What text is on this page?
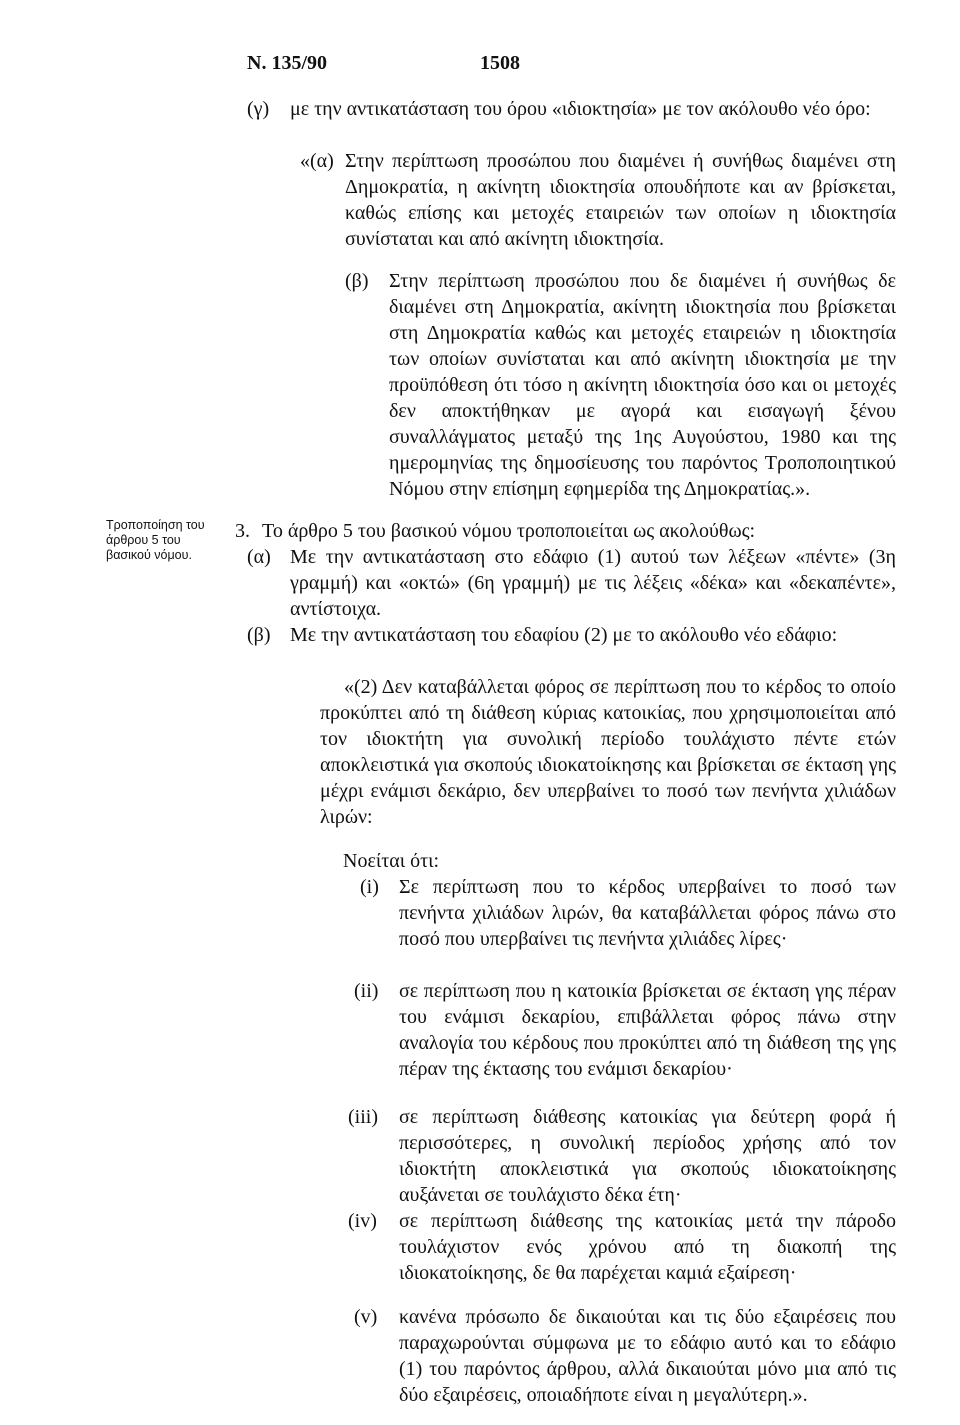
Ν. 135/90	1508
Τροποποίηση του άρθρου 5 του βασικού νόμου.
(γ) με την αντικατάσταση του όρου «ιδιοκτησία» με τον ακόλουθο νέο όρο:
«(α) Στην περίπτωση προσώπου που διαμένει ή συνήθως διαμένει στη Δημοκρατία, η ακίνητη ιδιοκτησία οπουδήποτε και αν βρίσκεται, καθώς επίσης και μετοχές εταιρειών των οποίων η ιδιοκτησία συνίσταται και από ακίνητη ιδιοκτησία.
(β) Στην περίπτωση προσώπου που δε διαμένει ή συνήθως δε διαμένει στη Δημοκρατία, ακίνητη ιδιοκτησία που βρίσκεται στη Δημοκρατία καθώς και μετοχές εταιρειών η ιδιοκτησία των οποίων συνίσταται και από ακίνητη ιδιοκτησία με την προϋπόθεση ότι τόσο η ακίνητη ιδιοκτησία όσο και οι μετοχές δεν αποκτήθηκαν με αγορά και εισαγωγή ξένου συναλλάγματος μεταξύ της 1ης Αυγούστου, 1980 και της ημερομηνίας της δημοσίευσης του παρόντος Τροποποιητικού Νόμου στην επίσημη εφημερίδα της Δημοκρατίας.».
3. Το άρθρο 5 του βασικού νόμου τροποποιείται ως ακολούθως:
(α) Με την αντικατάσταση στο εδάφιο (1) αυτού των λέξεων «πέντε» (3η γραμμή) και «οκτώ» (6η γραμμή) με τις λέξεις «δέκα» και «δεκαπέντε», αντίστοιχα.
(β) Με την αντικατάσταση του εδαφίου (2) με το ακόλουθο νέο εδάφιο:
«(2) Δεν καταβάλλεται φόρος σε περίπτωση που το κέρδος το οποίο προκύπτει από τη διάθεση κύριας κατοικίας, που χρησιμοποιείται από τον ιδιοκτήτη για συνολική περίοδο τουλάχιστο πέντε ετών αποκλειστικά για σκοπούς ιδιοκατοίκησης και βρίσκεται σε έκταση γης μέχρι ενάμισι δεκάριο, δεν υπερβαίνει το ποσό των πενήντα χιλιάδων λιρών:
Νοείται ότι:
(i) Σε περίπτωση που το κέρδος υπερβαίνει το ποσό των πενήντα χιλιάδων λιρών, θα καταβάλλεται φόρος πάνω στο ποσό που υπερβαίνει τις πενήντα χιλιάδες λίρες·
(ii) σε περίπτωση που η κατοικία βρίσκεται σε έκταση γης πέραν του ενάμισι δεκαρίου, επιβάλλεται φόρος πάνω στην αναλογία του κέρδους που προκύπτει από τη διάθεση της γης πέραν της έκτασης του ενάμισι δεκαρίου·
(iii) σε περίπτωση διάθεσης κατοικίας για δεύτερη φορά ή περισσότερες, η συνολική περίοδος χρήσης από τον ιδιοκτήτη αποκλειστικά για σκοπούς ιδιοκατοίκησης αυξάνεται σε τουλάχιστο δέκα έτη·
(iv) σε περίπτωση διάθεσης της κατοικίας μετά την πάροδο τουλάχιστον ενός χρόνου από τη διακοπή της ιδιοκατοίκησης, δε θα παρέχεται καμιά εξαίρεση·
(v) κανένα πρόσωπο δε δικαιούται και τις δύο εξαιρέσεις που παραχωρούνται σύμφωνα με το εδάφιο αυτό και το εδάφιο (1) του παρόντος άρθρου, αλλά δικαιούται μόνο μια από τις δύο εξαιρέσεις, οποιαδήποτε είναι η μεγαλύτερη.».
